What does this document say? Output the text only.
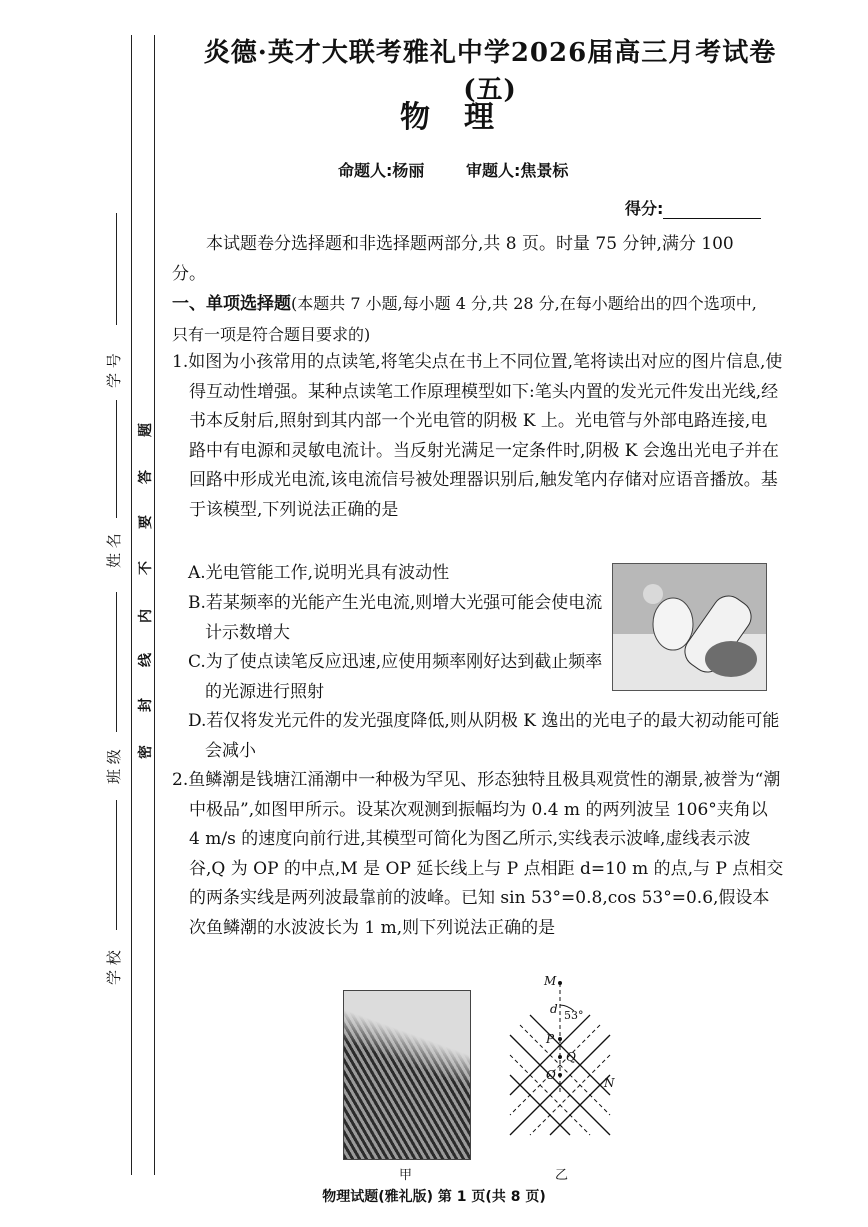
学 号
姓 名
班 级
学 校
密
封
线
内
不
要
答
题
炎德·英才大联考雅礼中学2026届高三月考试卷(五)
物理
命题人:杨丽	审题人:焦景标
得分:
本试题卷分选择题和非选择题两部分,共 8 页。时量 75 分钟,满分 100 分。
一、单项选择题(本题共 7 小题,每小题 4 分,共 28 分,在每小题给出的四个选项中,只有一项是符合题目要求的)
1.如图为小孩常用的点读笔,将笔尖点在书上不同位置,笔将读出对应的图片信息,使得互动性增强。某种点读笔工作原理模型如下:笔头内置的发光元件发出光线,经书本反射后,照射到其内部一个光电管的阴极 K 上。光电管与外部电路连接,电路中有电源和灵敏电流计。当反射光满足一定条件时,阴极 K 会逸出光电子并在回路中形成光电流,该电流信号被处理器识别后,触发笔内存储对应语音播放。基于该模型,下列说法正确的是
A.光电管能工作,说明光具有波动性
B.若某频率的光能产生光电流,则增大光强可能会使电流计示数增大
C.为了使点读笔反应迅速,应使用频率刚好达到截止频率的光源进行照射
D.若仅将发光元件的发光强度降低,则从阴极 K 逸出的光电子的最大初动能可能会减小
2.鱼鳞潮是钱塘江涌潮中一种极为罕见、形态独特且极具观赏性的潮景,被誉为“潮中极品”,如图甲所示。设某次观测到振幅均为 0.4 m 的两列波呈 106°夹角以 4 m/s 的速度向前行进,其模型可简化为图乙所示,实线表示波峰,虚线表示波谷,Q 为 OP 的中点,M 是 OP 延长线上与 P 点相距 d=10 m 的点,与 P 点相交的两条实线是两列波最靠前的波峰。已知 sin 53°=0.8,cos 53°=0.6,假设本次鱼鳞潮的水波波长为 1 m,则下列说法正确的是
甲
M
d 53°
P
Q
O
N
乙
物理试题(雅礼版) 第 1 页(共 8 页)
